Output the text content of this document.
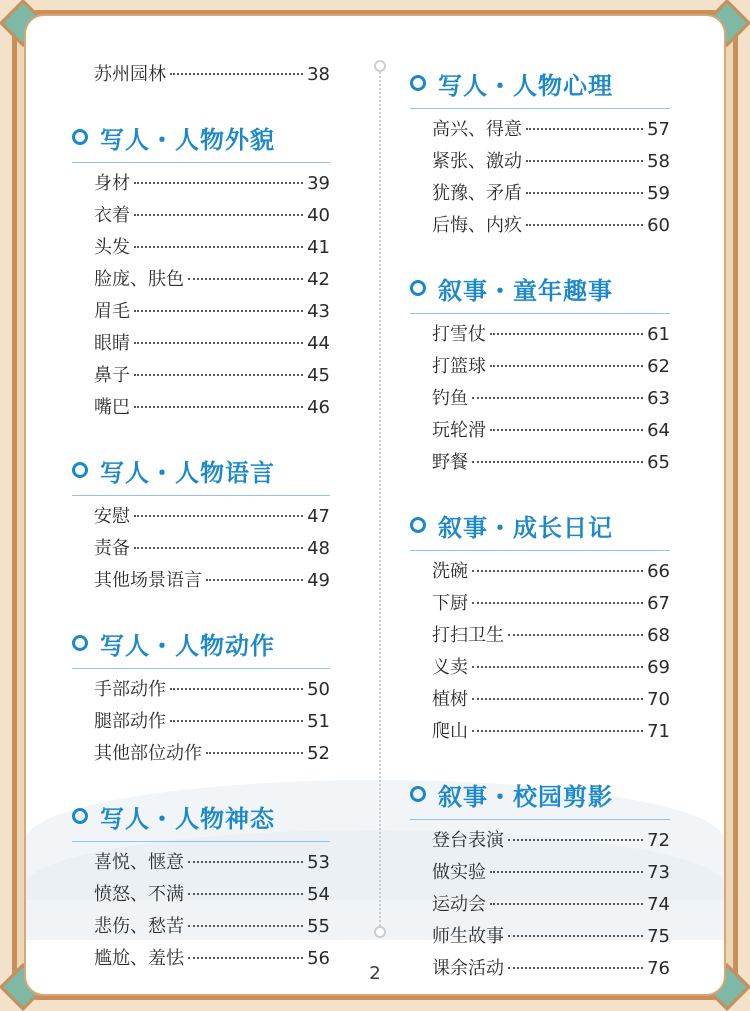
苏州园林	38
写人・人物外貌
身材	39
衣着	40
头发	41
脸庞、肤色	42
眉毛	43
眼睛	44
鼻子	45
嘴巴	46
写人・人物语言
安慰	47
责备	48
其他场景语言	49
写人・人物动作
手部动作	50
腿部动作	51
其他部位动作	52
写人・人物神态
喜悦、惬意	53
愤怒、不满	54
悲伤、愁苦	55
尴尬、羞怯	56
写人・人物心理
高兴、得意	57
紧张、激动	58
犹豫、矛盾	59
后悔、内疚	60
叙事・童年趣事
打雪仗	61
打篮球	62
钓鱼	63
玩轮滑	64
野餐	65
叙事・成长日记
洗碗	66
下厨	67
打扫卫生	68
义卖	69
植树	70
爬山	71
叙事・校园剪影
登台表演	72
做实验	73
运动会	74
师生故事	75
课余活动	76
2
